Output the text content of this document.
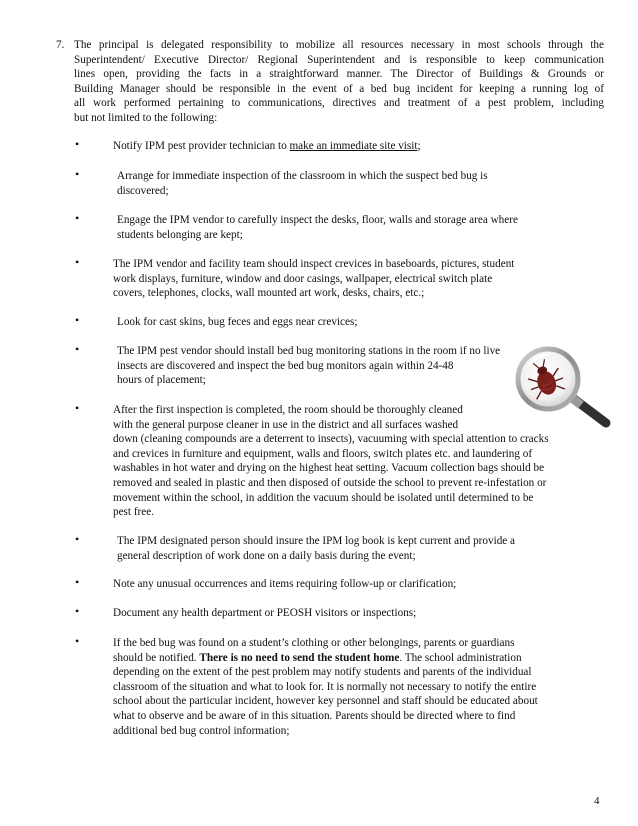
7. The principal is delegated responsibility to mobilize all resources necessary in most schools through the
Superintendent/ Executive Director/ Regional Superintendent and is responsible to keep communication
lines open, providing the facts in a straightforward manner. The Director of Buildings & Grounds or
Building Manager should be responsible in the event of a bed bug incident for keeping a running log of
all work performed pertaining to communications, directives and treatment of a pest problem, including
but not limited to the following:
•	Notify IPM pest provider technician to make an immediate site visit;
•	Arrange for immediate inspection of the classroom in which the suspect bed bug is
discovered;
•	Engage the IPM vendor to carefully inspect the desks, floor, walls and storage area where
students belonging are kept;
•	The IPM vendor and facility team should inspect crevices in baseboards, pictures, student
work displays, furniture, window and door casings, wallpaper, electrical switch plate
covers, telephones, clocks, wall mounted art work, desks, chairs, etc.;
•	Look for cast skins, bug feces and eggs near crevices;
•	The IPM pest vendor should install bed bug monitoring stations in the room if no live
insects are discovered and inspect the bed bug monitors again within 24-48
hours of placement;
•	After the first inspection is completed, the room should be thoroughly cleaned
with the general purpose cleaner in use in the district and all surfaces washed
down (cleaning compounds are a deterrent to insects), vacuuming with special attention to cracks
and crevices in furniture and equipment, walls and floors, switch plates etc. and laundering of
washables in hot water and drying on the highest heat setting. Vacuum collection bags should be
removed and sealed in plastic and then disposed of outside the school to prevent re-infestation or
movement within the school, in addition the vacuum should be isolated until determined to be
pest free.
•	The IPM designated person should insure the IPM log book is kept current and provide a
general description of work done on a daily basis during the event;
•	Note any unusual occurrences and items requiring follow-up or clarification;
•	Document any health department or PEOSH visitors or inspections;
•	If the bed bug was found on a student’s clothing or other belongings, parents or guardians
should be notified. There is no need to send the student home. The school administration
depending on the extent of the pest problem may notify students and parents of the individual
classroom of the situation and what to look for. It is normally not necessary to notify the entire
school about the particular incident, however key personnel and staff should be educated about
what to observe and be aware of in this situation. Parents should be directed where to find
additional bed bug control information;
4
